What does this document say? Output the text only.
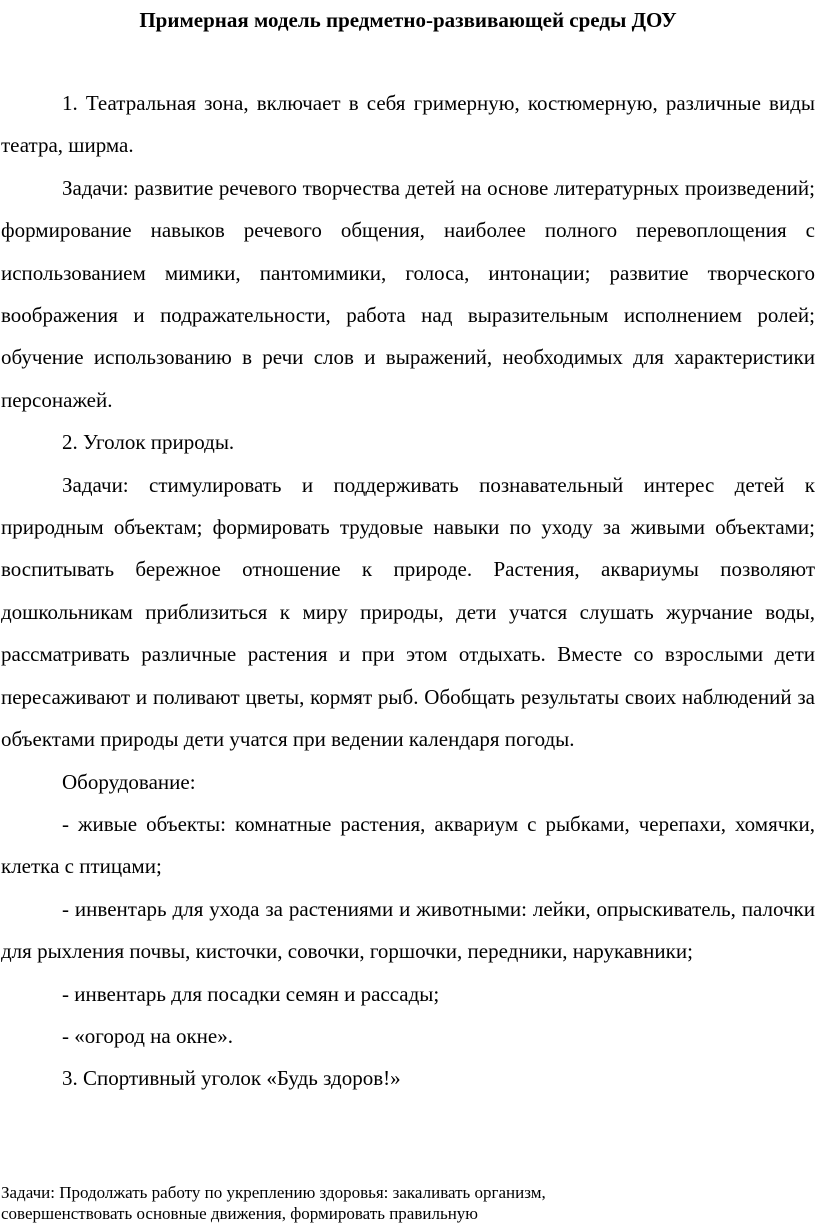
Примерная модель предметно-развивающей среды ДОУ

1. Театральная зона, включает в себя гримерную, костюмерную, различные виды театра, ширма.

Задачи: развитие речевого творчества детей на основе литературных произведений; формирование навыков речевого общения, наиболее полного перевоплощения с использованием мимики, пантомимики, голоса, интонации; развитие творческого воображения и подражательности, работа над выразительным исполнением ролей; обучение использованию в речи слов и выражений, необходимых для характеристики персонажей.

2. Уголок природы.

Задачи: стимулировать и поддерживать познавательный интерес детей к природным объектам; формировать трудовые навыки по уходу за живыми объектами; воспитывать бережное отношение к природе. Растения, аквариумы позволяют дошкольникам приблизиться к миру природы, дети учатся слушать журчание воды, рассматривать различные растения и при этом отдыхать. Вместе со взрослыми дети пересаживают и поливают цветы, кормят рыб. Обобщать результаты своих наблюдений за объектами природы дети учатся при ведении календаря погоды.

Оборудование:

- живые объекты: комнатные растения, аквариум с рыбками, черепахи, хомячки, клетка с птицами;

- инвентарь для ухода за растениями и животными: лейки, опрыскиватель, палочки для рыхления почвы, кисточки, совочки, горшочки, передники, нарукавники;

- инвентарь для посадки семян и рассады;

- «огород на окне».

3. Спортивный уголок «Будь здоров!»

Задачи: Продолжать работу по укреплению здоровья: закаливать организм,

совершенствовать основные движения, формировать правильную
